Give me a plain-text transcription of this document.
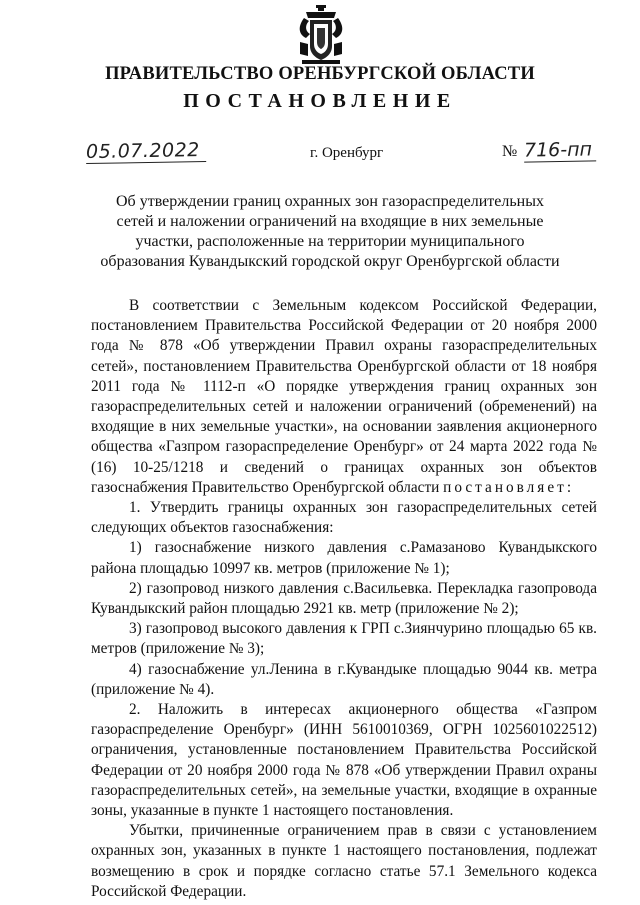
ПРАВИТЕЛЬСТВО ОРЕНБУРГСКОЙ ОБЛАСТИ
ПОСТАНОВЛЕНИЕ
05.07.2022	г. Оренбург	№ 716-пп
Об утверждении границ охранных зон газораспределительных сетей и наложении ограничений на входящие в них земельные участки, расположенные на территории муниципального образования Кувандыкский городской округ Оренбургской области

В соответствии с Земельным кодексом Российской Федерации, постановлением Правительства Российской Федерации от 20 ноября 2000 года № 878 «Об утверждении Правил охраны газораспределительных сетей», постановлением Правительства Оренбургской области от 18 ноября 2011 года № 1112-п «О порядке утверждения границ охранных зон газораспределительных сетей и наложении ограничений (обременений) на входящие в них земельные участки», на основании заявления акционерного общества «Газпром газораспределение Оренбург» от 24 марта 2022 года № (16) 10-25/1218 и сведений о границах охранных зон объектов газоснабжения Правительство Оренбургской области постановляет:

1. Утвердить границы охранных зон газораспределительных сетей следующих объектов газоснабжения:

1) газоснабжение низкого давления с.Рамазаново Кувандыкского района площадью 10997 кв. метров (приложение № 1);

2) газопровод низкого давления с.Васильевка. Перекладка газопровода Кувандыкский район площадью 2921 кв. метр (приложение № 2);

3) газопровод высокого давления к ГРП с.Зиянчурино площадью 65 кв. метров (приложение № 3);

4) газоснабжение ул.Ленина в г.Кувандыке площадью 9044 кв. метра (приложение № 4).

2. Наложить в интересах акционерного общества «Газпром газораспределение Оренбург» (ИНН 5610010369, ОГРН 1025601022512) ограничения, установленные постановлением Правительства Российской Федерации от 20 ноября 2000 года № 878 «Об утверждении Правил охраны газораспределительных сетей», на земельные участки, входящие в охранные зоны, указанные в пункте 1 настоящего постановления.

Убытки, причиненные ограничением прав в связи с установлением охранных зон, указанных в пункте 1 настоящего постановления, подлежат возмещению в срок и порядке согласно статье 57.1 Земельного кодекса Российской Федерации.
